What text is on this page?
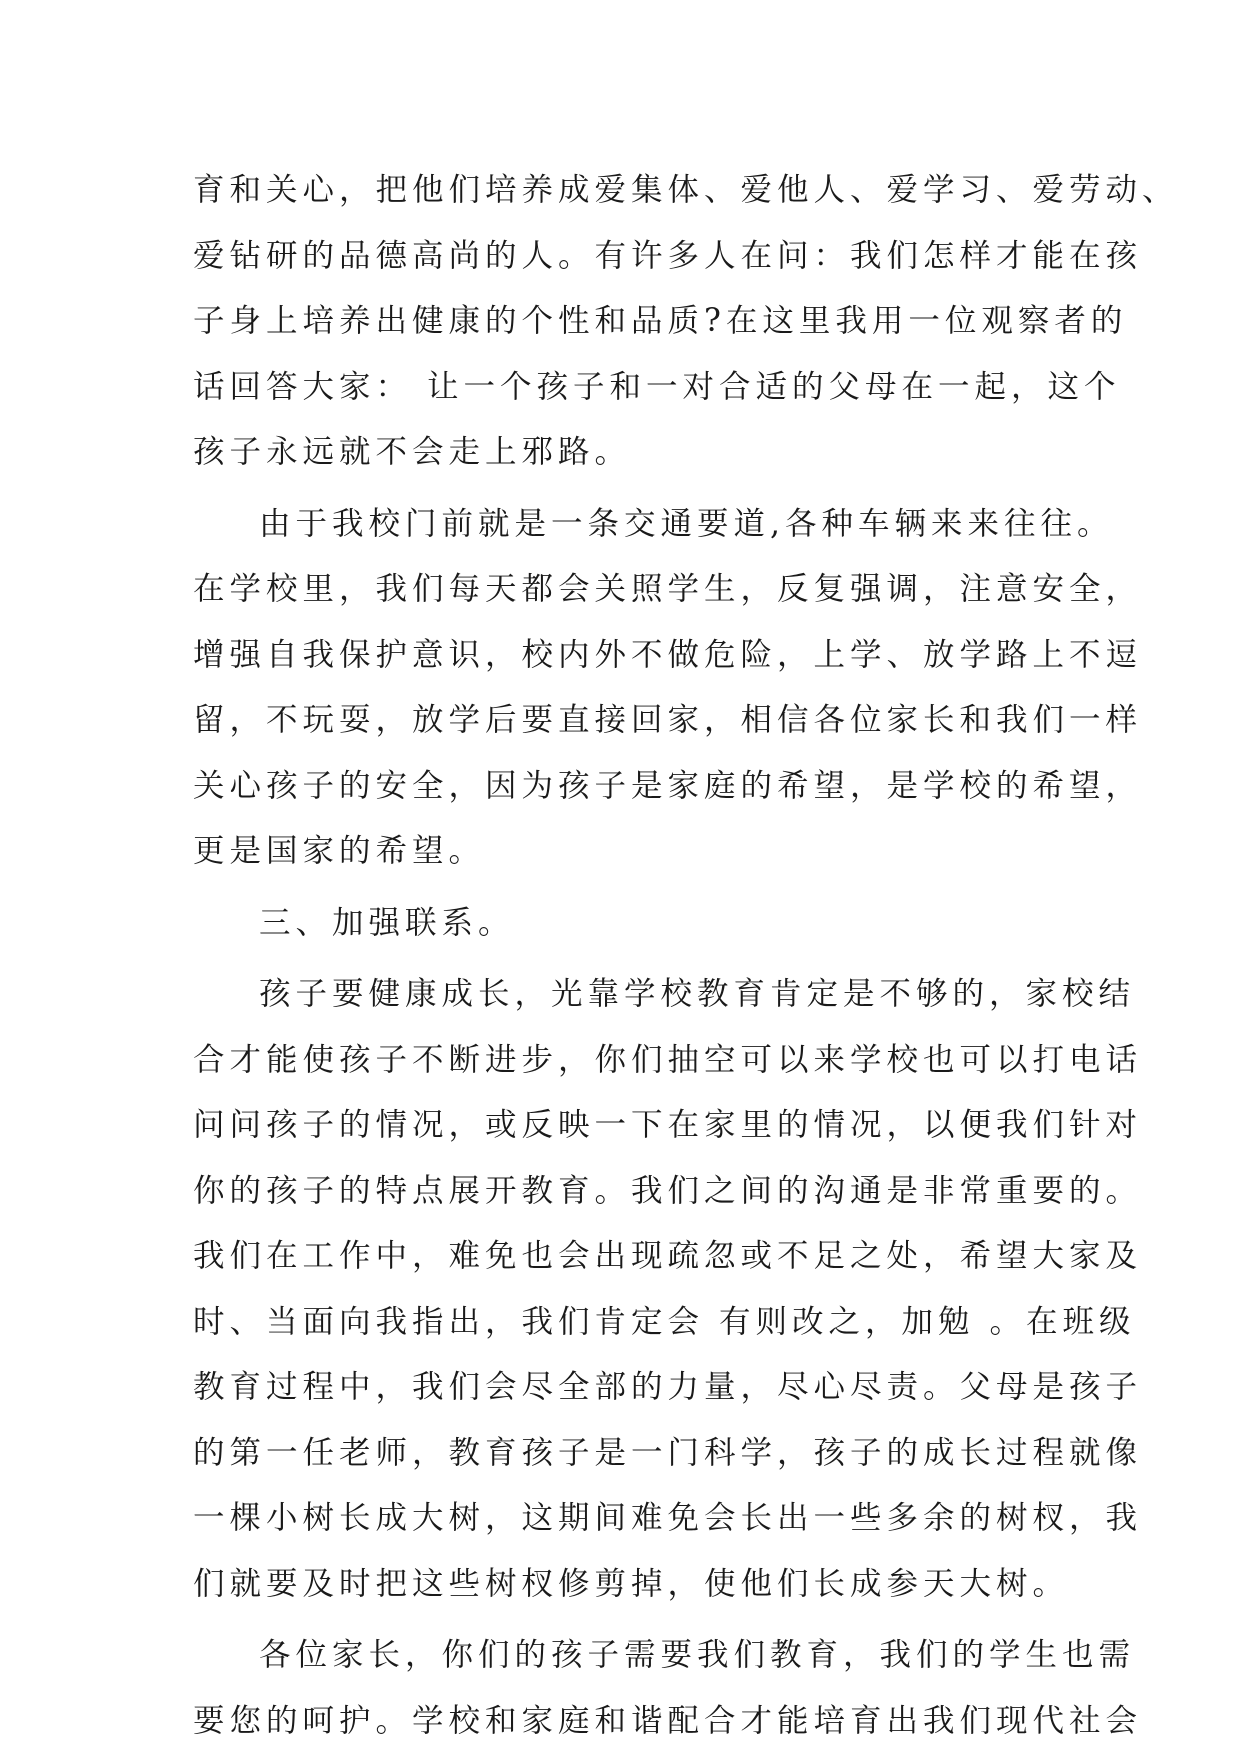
育和关心，把他们培养成爱集体、爱他人、爱学习、爱劳动、
爱钻研的品德高尚的人。有许多人在问：我们怎样才能在孩
子身上培养出健康的个性和品质?在这里我用一位观察者的
话回答大家： 让一个孩子和一对合适的父母在一起，这个
孩子永远就不会走上邪路。
由于我校门前就是一条交通要道,各种车辆来来往往。
在学校里，我们每天都会关照学生，反复强调，注意安全，
增强自我保护意识，校内外不做危险，上学、放学路上不逗
留，不玩耍，放学后要直接回家，相信各位家长和我们一样
关心孩子的安全，因为孩子是家庭的希望，是学校的希望，
更是国家的希望。
三、加强联系。
孩子要健康成长，光靠学校教育肯定是不够的，家校结
合才能使孩子不断进步，你们抽空可以来学校也可以打电话
问问孩子的情况，或反映一下在家里的情况，以便我们针对
你的孩子的特点展开教育。我们之间的沟通是非常重要的。
我们在工作中，难免也会出现疏忽或不足之处，希望大家及
时、当面向我指出，我们肯定会 有则改之，加勉 。在班级
教育过程中，我们会尽全部的力量，尽心尽责。父母是孩子
的第一任老师，教育孩子是一门科学，孩子的成长过程就像
一棵小树长成大树，这期间难免会长出一些多余的树杈，我
们就要及时把这些树杈修剪掉，使他们长成参天大树。
各位家长，你们的孩子需要我们教育，我们的学生也需
要您的呵护。学校和家庭和谐配合才能培育出我们现代社会
